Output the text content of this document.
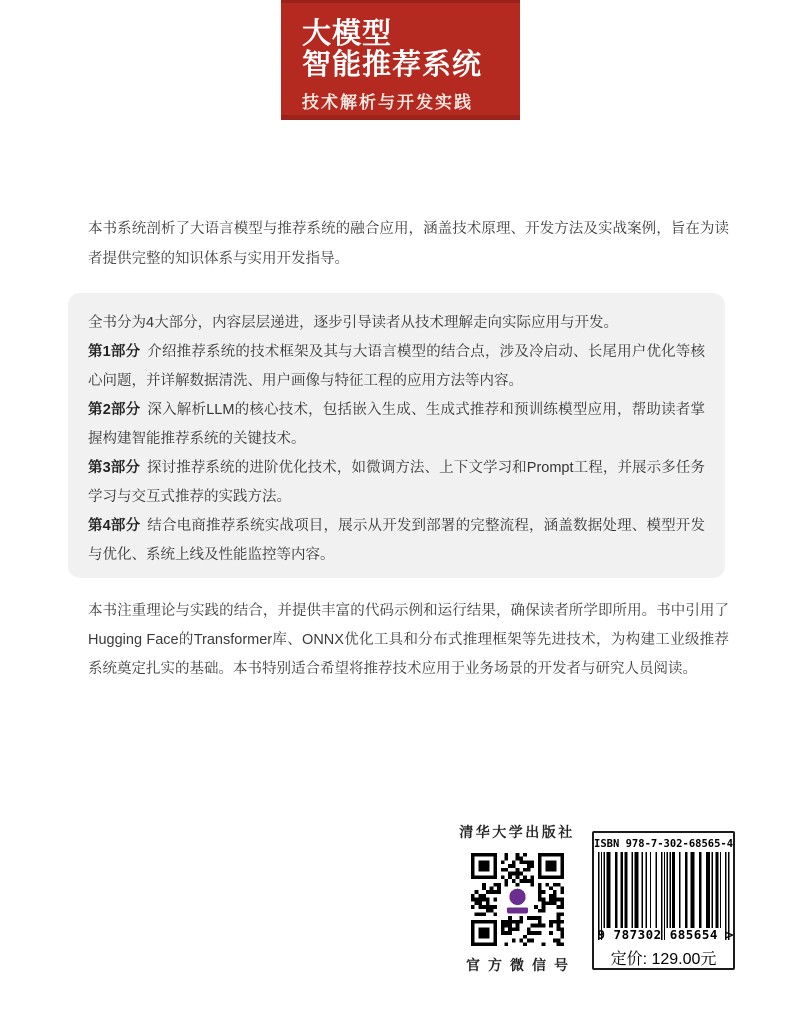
大模型
智能推荐系统
技术解析与开发实践

本书系统剖析了大语言模型与推荐系统的融合应用，涵盖技术原理、开发方法及实战案例，旨在为读者提供完整的知识体系与实用开发指导。

全书分为4大部分，内容层层递进，逐步引导读者从技术理解走向实际应用与开发。

第1部分 介绍推荐系统的技术框架及其与大语言模型的结合点，涉及冷启动、长尾用户优化等核心问题，并详解数据清洗、用户画像与特征工程的应用方法等内容。

第2部分 深入解析LLM的核心技术，包括嵌入生成、生成式推荐和预训练模型应用，帮助读者掌握构建智能推荐系统的关键技术。

第3部分 探讨推荐系统的进阶优化技术，如微调方法、上下文学习和Prompt工程，并展示多任务学习与交互式推荐的实践方法。

第4部分 结合电商推荐系统实战项目，展示从开发到部署的完整流程，涵盖数据处理、模型开发与优化、系统上线及性能监控等内容。

本书注重理论与实践的结合，并提供丰富的代码示例和运行结果，确保读者所学即所用。书中引用了Hugging Face的Transformer库、ONNX优化工具和分布式推理框架等先进技术，为构建工业级推荐系统奠定扎实的基础。本书特别适合希望将推荐技术应用于业务场景的开发者与研究人员阅读。

清华大学出版社
官方微信号
ISBN 978-7-302-68565-4
9 787302 685654 >
定价: 129.00元
